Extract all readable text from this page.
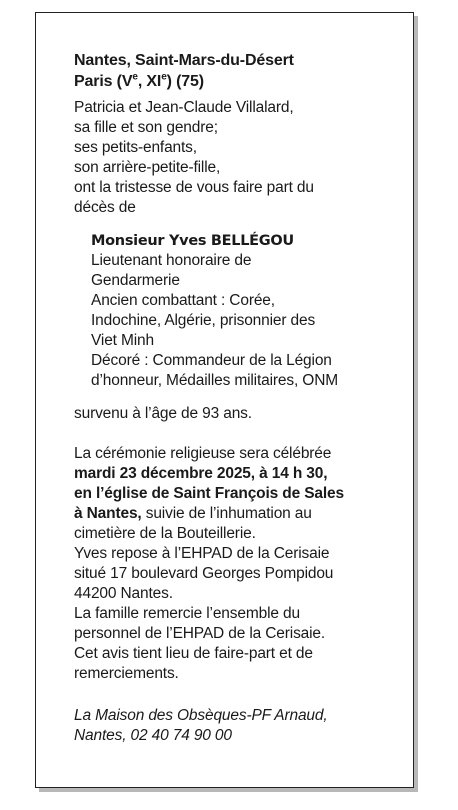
Nantes, Saint-Mars-du-Désert
Paris (Ve, XIe) (75)
Patricia et Jean-Claude Villalard,
sa fille et son gendre;
ses petits-enfants,
son arrière-petite-fille,
ont la tristesse de vous faire part du
décès de
Monsieur Yves BELLÉGOU
Lieutenant honoraire de
Gendarmerie
Ancien combattant : Corée,
Indochine, Algérie, prisonnier des
Viet Minh
Décoré : Commandeur de la Légion
d’honneur, Médailles militaires, ONM
survenu à l’âge de 93 ans.
La cérémonie religieuse sera célébrée
mardi 23 décembre 2025, à 14 h 30,
en l’église de Saint François de Sales
à Nantes, suivie de l’inhumation au
cimetière de la Bouteillerie.
Yves repose à l’EHPAD de la Cerisaie
situé 17 boulevard Georges Pompidou
44200 Nantes.
La famille remercie l’ensemble du
personnel de l’EHPAD de la Cerisaie.
Cet avis tient lieu de faire-part et de
remerciements.
La Maison des Obsèques-PF Arnaud,
Nantes, 02 40 74 90 00
